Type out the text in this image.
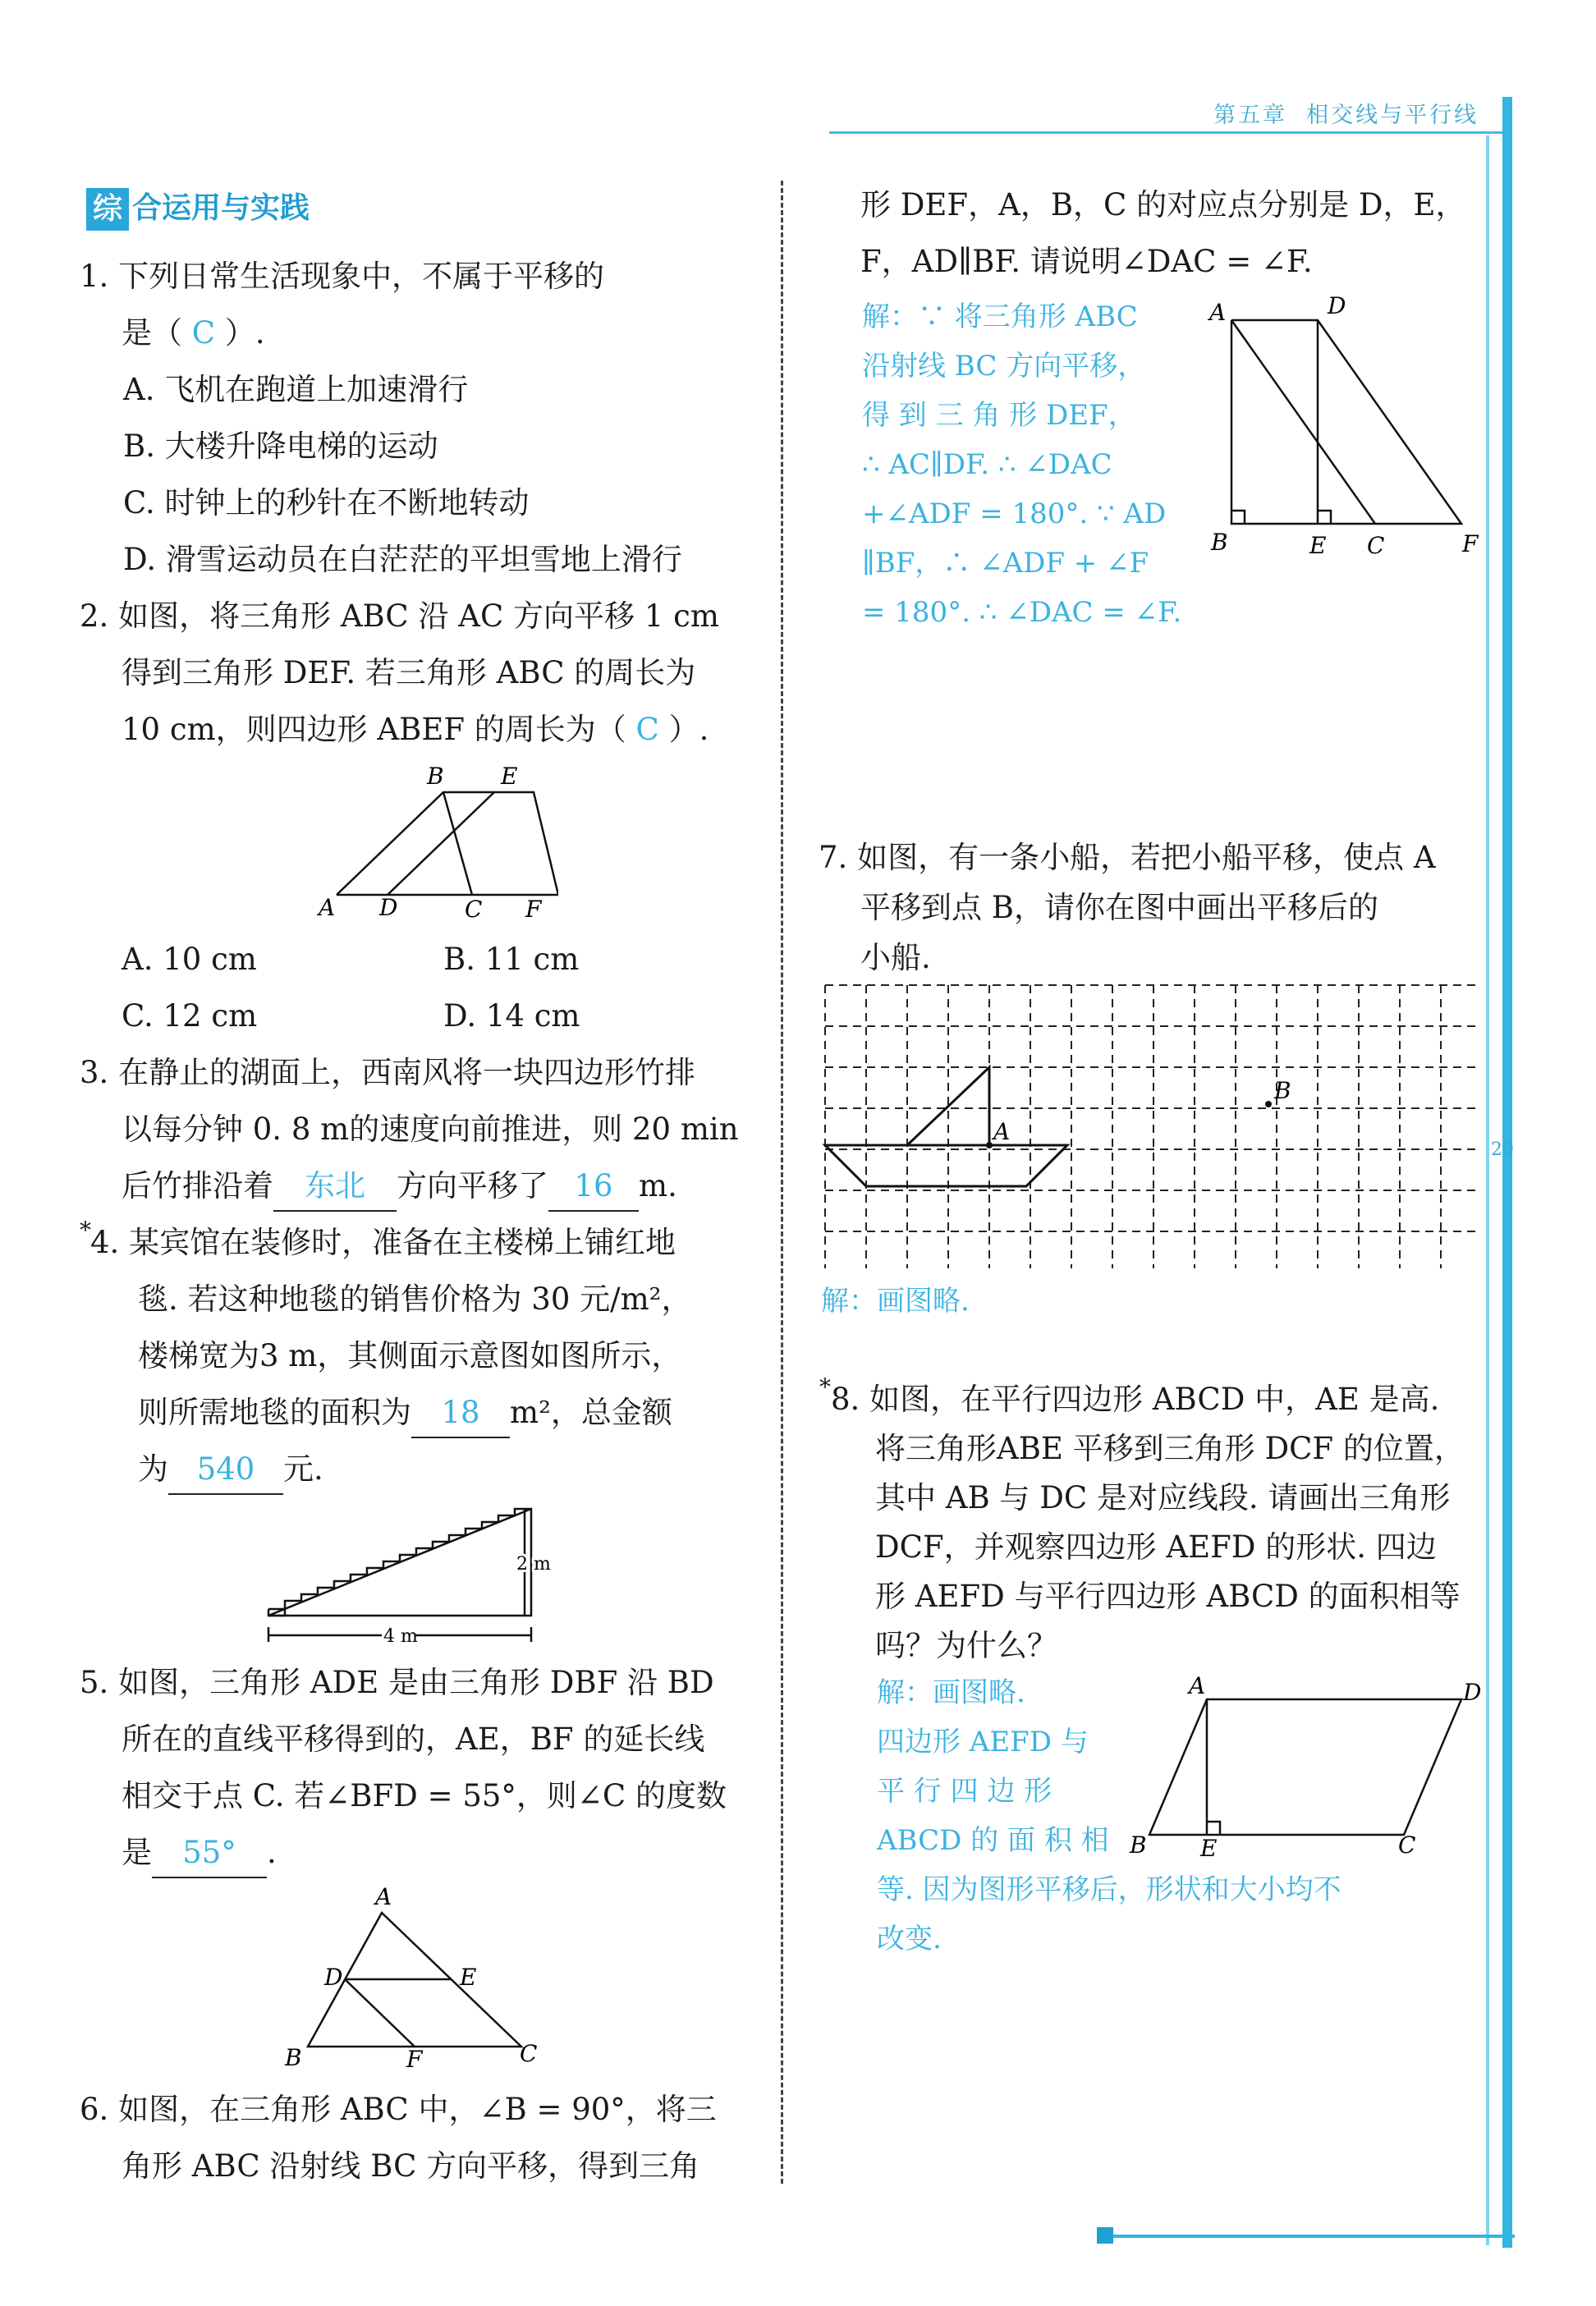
第五章 相交线与平行线
29
综 合运用与实践
1. 下列日常生活现象中，不属于平移的
是（ C ）.
A. 飞机在跑道上加速滑行
B. 大楼升降电梯的运动
C. 时钟上的秒针在不断地转动
D. 滑雪运动员在白茫茫的平坦雪地上滑行
2. 如图，将三角形 ABC 沿 AC 方向平移 1 cm
得到三角形 DEF. 若三角形 ABC 的周长为
10 cm，则四边形 ABEF 的周长为（ C ）.
B E
A D	C F
A. 10 cm	B. 11 cm
C. 12 cm	D. 14 cm
3. 在静止的湖面上，西南风将一块四边形竹排
以每分钟 0. 8 m的速度向前推进，则 20 min
后竹排沿着 东北 方向平移了 16 m.
* 4. 某宾馆在装修时，准备在主楼梯上铺红地
毯. 若这种地毯的销售价格为 30 元/m²，
楼梯宽为3 m，其侧面示意图如图所示，
则所需地毯的面积为 18 m²，总金额
为 540 元.
4 m
2 m
5. 如图，三角形 ADE 是由三角形 DBF 沿 BD
所在的直线平移得到的，AE，BF 的延长线
相交于点 C. 若∠BFD = 55°，则∠C 的度数
是 55° .
A
D	E
B	F	C
6. 如图，在三角形 ABC 中，∠B = 90°，将三
角形 ABC 沿射线 BC 方向平移，得到三角
形 DEF，A，B，C 的对应点分别是 D，E，
F，AD∥BF. 请说明∠DAC = ∠F.
解：∵ 将三角形 ABC
沿射线 BC 方向平移，
得 到 三 角 形 DEF，
∴ AC∥DF. ∴ ∠DAC
+∠ADF = 180°. ∵ AD
∥BF，∴ ∠ADF + ∠F
= 180°. ∴ ∠DAC = ∠F.
A	D
B	E C	F
7. 如图，有一条小船，若把小船平移，使点 A
平移到点 B，请你在图中画出平移后的
小船.
A
B
解：画图略.
* 8. 如图，在平行四边形 ABCD 中，AE 是高.
将三角形ABE 平移到三角形 DCF 的位置，
其中 AB 与 DC 是对应线段. 请画出三角形
DCF，并观察四边形 AEFD 的形状. 四边
形 AEFD 与平行四边形 ABCD 的面积相等
吗？为什么？
解：画图略.
四边形 AEFD 与
平 行 四 边 形
ABCD 的 面 积 相
等. 因为图形平移后，形状和大小均不
改变.
A	D
B E	C
